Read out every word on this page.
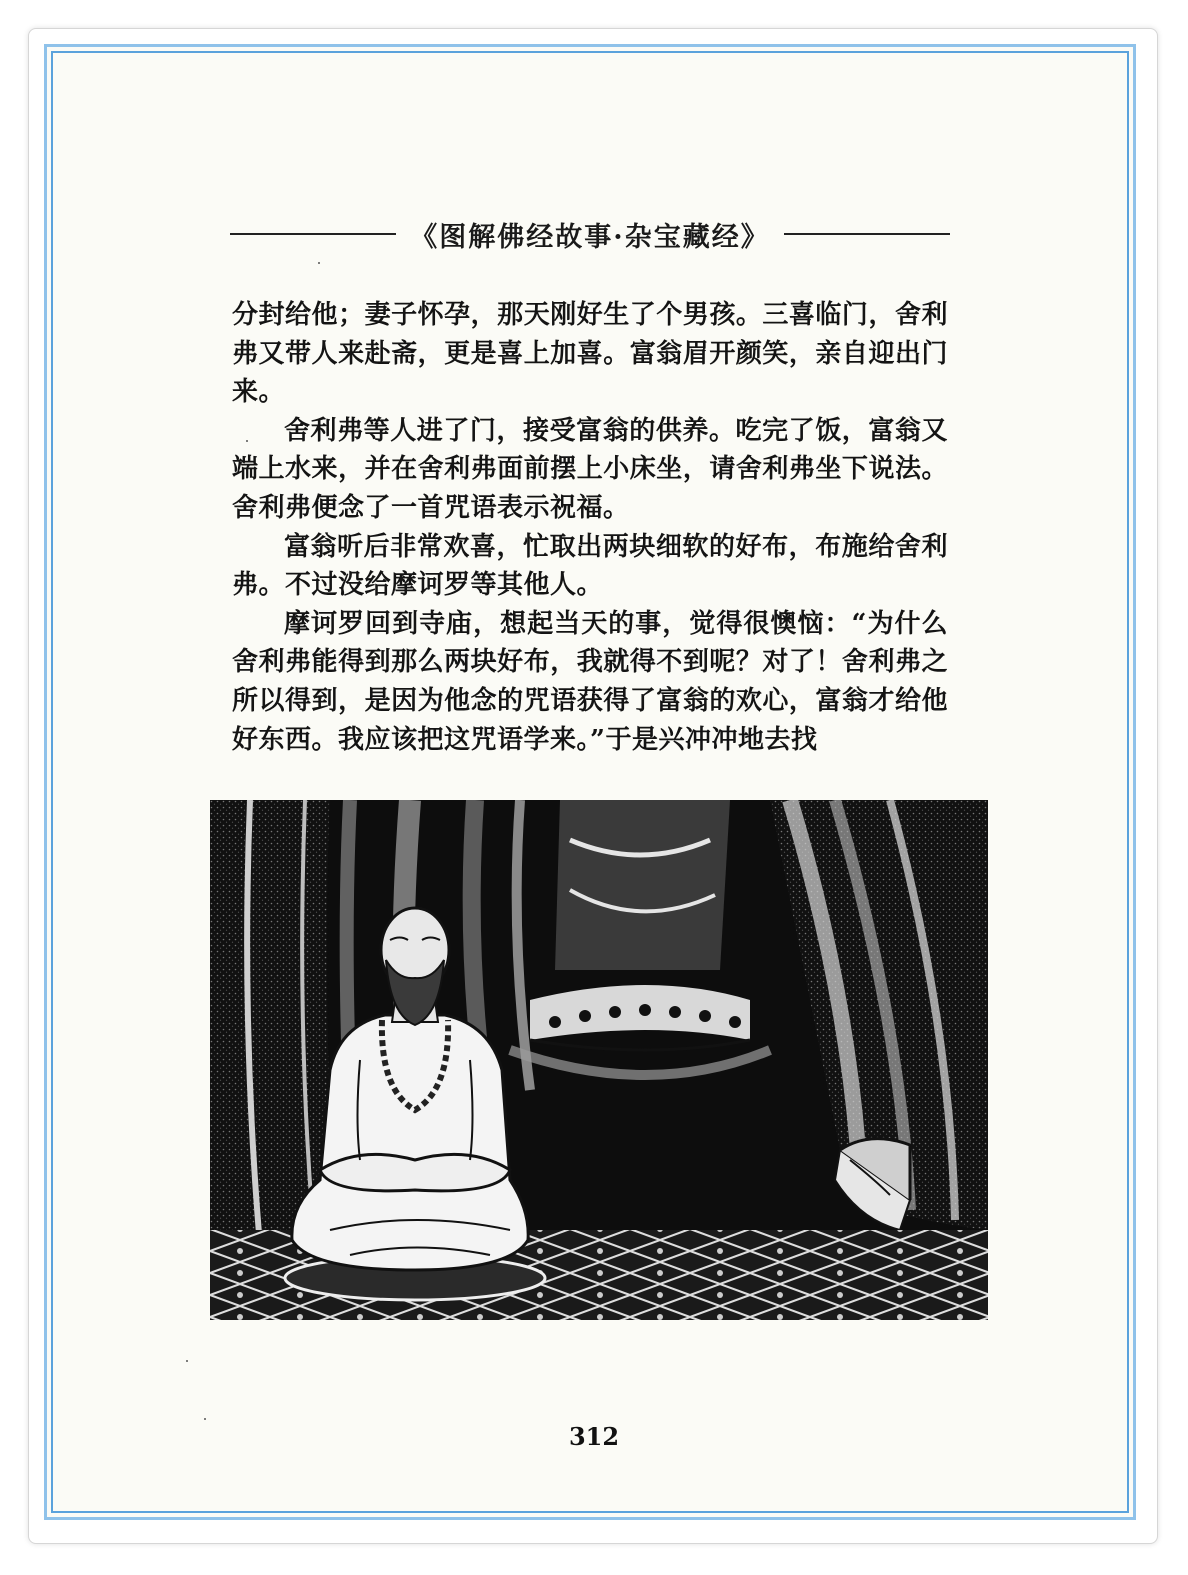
《图解佛经故事·杂宝藏经》

分封给他；妻子怀孕，那天刚好生了个男孩。三喜临门，舍利弗又带人来赴斋，更是喜上加喜。富翁眉开颜笑，亲自迎出门来。

舍利弗等人进了门，接受富翁的供养。吃完了饭，富翁又端上水来，并在舍利弗面前摆上小床坐，请舍利弗坐下说法。舍利弗便念了一首咒语表示祝福。

富翁听后非常欢喜，忙取出两块细软的好布，布施给舍利弗。不过没给摩诃罗等其他人。

摩诃罗回到寺庙，想起当天的事，觉得很懊恼：“为什么舍利弗能得到那么两块好布，我就得不到呢？对了！舍利弗之所以得到，是因为他念的咒语获得了富翁的欢心，富翁才给他好东西。我应该把这咒语学来。”于是兴冲冲地去找

312
